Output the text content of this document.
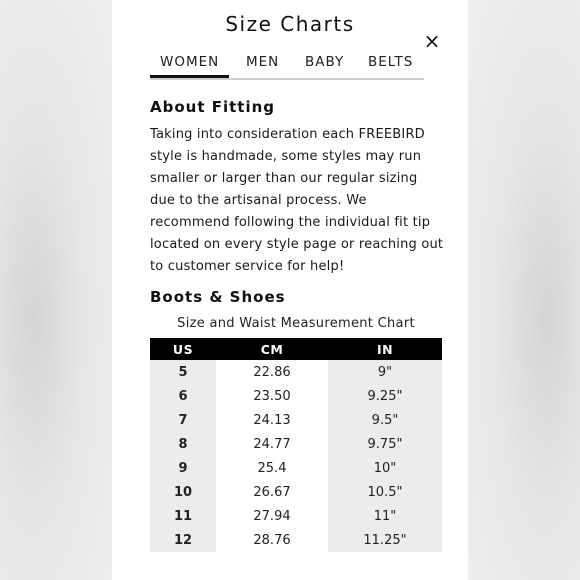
Size Charts
×
WOMEN MEN BABY BELTS
About Fitting
Taking into consideration each FREEBIRD style is handmade, some styles may run smaller or larger than our regular sizing due to the artisanal process. We recommend following the individual fit tip located on every style page or reaching out to customer service for help!
Boots & Shoes
Size and Waist Measurement Chart
US	CM	IN
5	22.86	9"
6	23.50	9.25"
7	24.13	9.5"
8	24.77	9.75"
9	25.4	10"
10	26.67	10.5"
11	27.94	11"
12	28.76	11.25"
